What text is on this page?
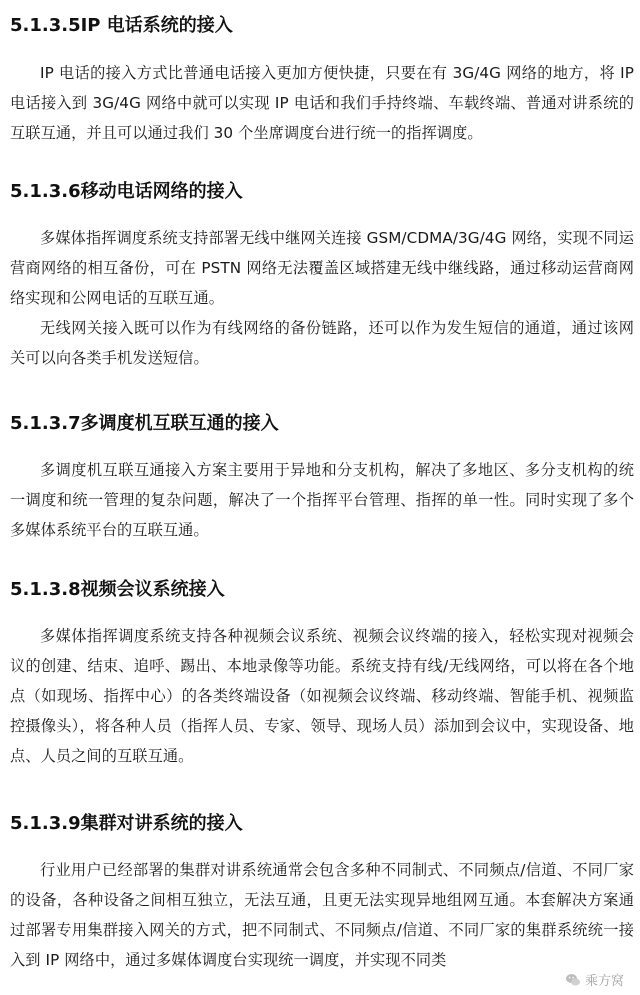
5.1.3.5IP 电话系统的接入

IP 电话的接入方式比普通电话接入更加方便快捷，只要在有 3G/4G 网络的地方，将 IP 电话接入到 3G/4G 网络中就可以实现 IP 电话和我们手持终端、车载终端、普通对讲系统的互联互通，并且可以通过我们 30 个坐席调度台进行统一的指挥调度。

5.1.3.6移动电话网络的接入

多媒体指挥调度系统支持部署无线中继网关连接 GSM/CDMA/3G/4G 网络，实现不同运营商网络的相互备份，可在 PSTN 网络无法覆盖区域搭建无线中继线路，通过移动运营商网络实现和公网电话的互联互通。

无线网关接入既可以作为有线网络的备份链路，还可以作为发生短信的通道，通过该网关可以向各类手机发送短信。

5.1.3.7多调度机互联互通的接入

多调度机互联互通接入方案主要用于异地和分支机构，解决了多地区、多分支机构的统一调度和统一管理的复杂问题，解决了一个指挥平台管理、指挥的单一性。同时实现了多个多媒体系统平台的互联互通。

5.1.3.8视频会议系统接入

多媒体指挥调度系统支持各种视频会议系统、视频会议终端的接入，轻松实现对视频会议的创建、结束、追呼、踢出、本地录像等功能。系统支持有线/无线网络，可以将在各个地点（如现场、指挥中心）的各类终端设备（如视频会议终端、移动终端、智能手机、视频监控摄像头），将各种人员（指挥人员、专家、领导、现场人员）添加到会议中，实现设备、地点、人员之间的互联互通。

5.1.3.9集群对讲系统的接入

行业用户已经部署的集群对讲系统通常会包含多种不同制式、不同频点/信道、不同厂家的设备，各种设备之间相互独立，无法互通，且更无法实现异地组网互通。本套解决方案通过部署专用集群接入网关的方式，把不同制式、不同频点/信道、不同厂家的集群系统统一接入到 IP 网络中，通过多媒体调度台实现统一调度，并实现不同类

乘方窝
